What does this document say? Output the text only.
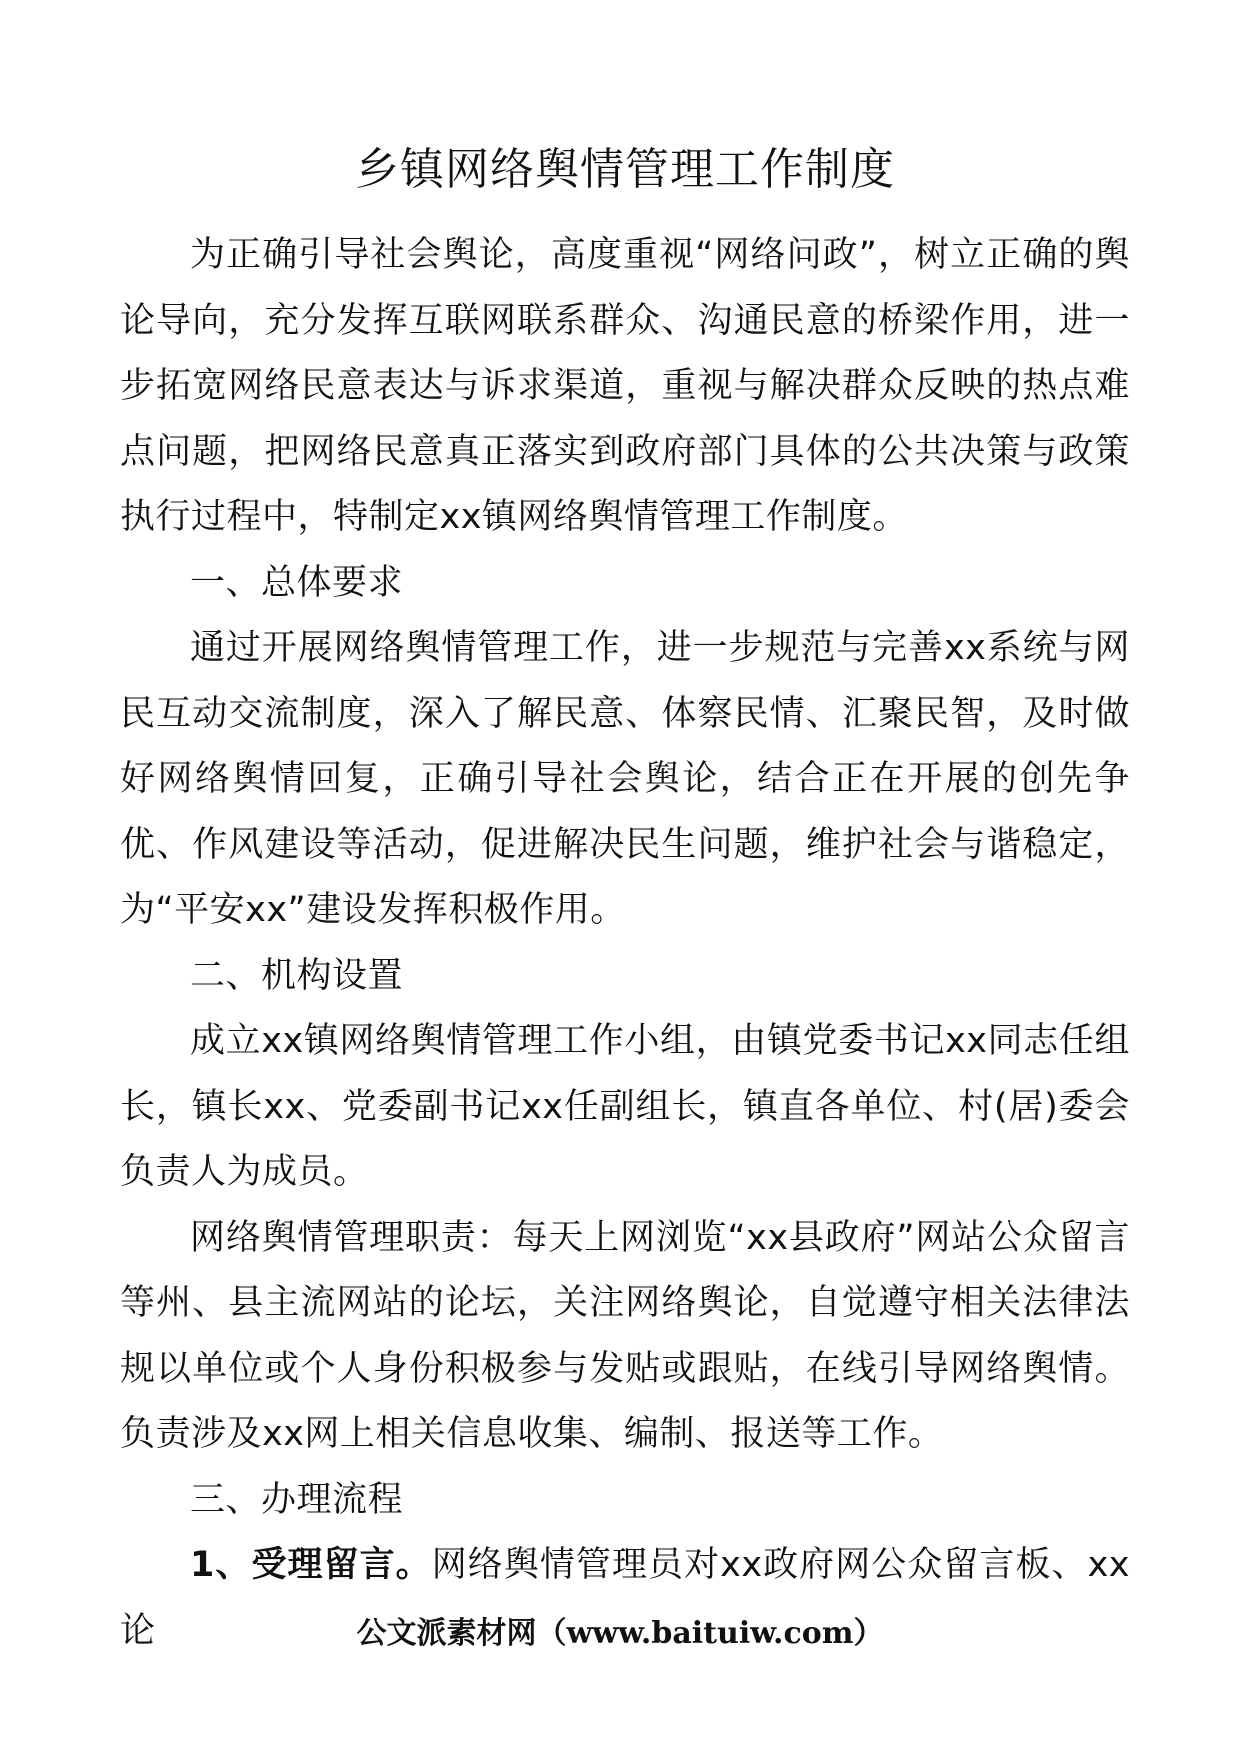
乡镇网络舆情管理工作制度

为正确引导社会舆论，高度重视“网络问政”，树立正确的舆论导向，充分发挥互联网联系群众、沟通民意的桥梁作用，进一步拓宽网络民意表达与诉求渠道，重视与解决群众反映的热点难点问题，把网络民意真正落实到政府部门具体的公共决策与政策执行过程中，特制定xx镇网络舆情管理工作制度。

一、总体要求

通过开展网络舆情管理工作，进一步规范与完善xx系统与网民互动交流制度，深入了解民意、体察民情、汇聚民智，及时做好网络舆情回复，正确引导社会舆论，结合正在开展的创先争优、作风建设等活动，促进解决民生问题，维护社会与谐稳定，为“平安xx”建设发挥积极作用。

二、机构设置

成立xx镇网络舆情管理工作小组，由镇党委书记xx同志任组长，镇长xx、党委副书记xx任副组长，镇直各单位、村(居)委会负责人为成员。

网络舆情管理职责：每天上网浏览“xx县政府”网站公众留言等州、县主流网站的论坛，关注网络舆论，自觉遵守相关法律法规以单位或个人身份积极参与发贴或跟贴，在线引导网络舆情。负责涉及xx网上相关信息收集、编制、报送等工作。

三、办理流程

1、受理留言。网络舆情管理员对xx政府网公众留言板、xx论	公文派素材网（www.baituiw.com）
